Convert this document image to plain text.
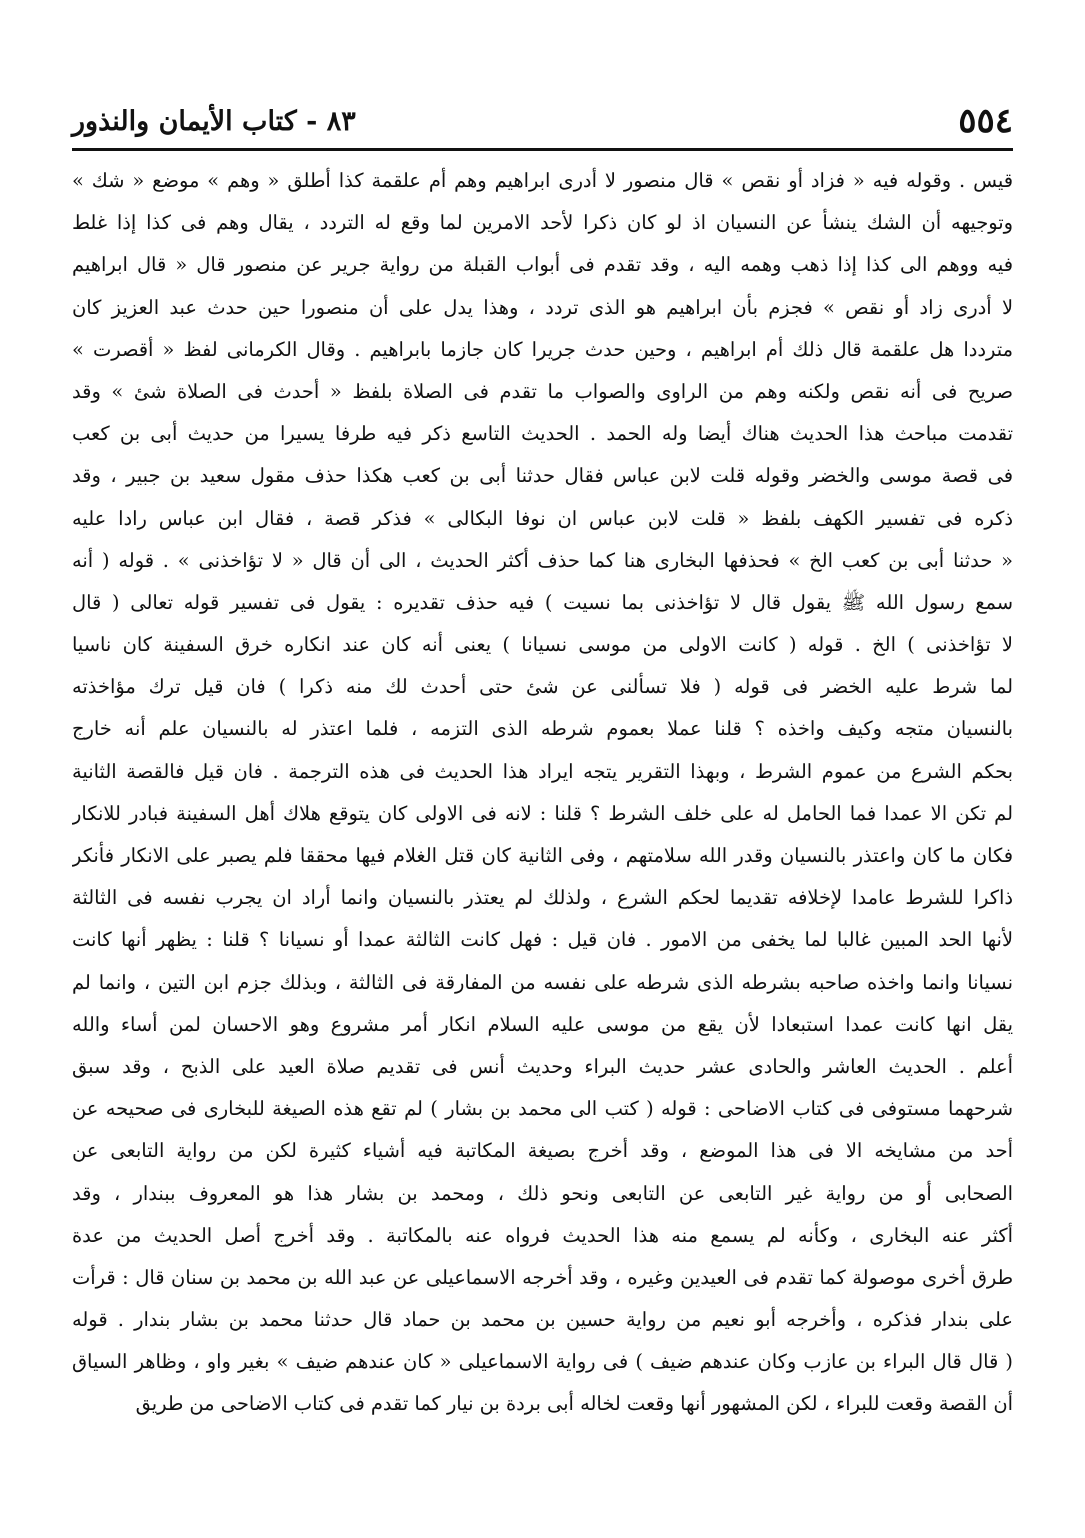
٨٣ - كتاب الأيمان والنذور	٥٥٤
قيس . وقوله فيه « فزاد أو نقص » قال منصور لا أدرى ابراهيم وهم أم علقمة كذا أطلق « وهم » موضع « شك »
وتوجيهه أن الشك ينشأ عن النسيان اذ لو كان ذكرا لأحد الامرين لما وقع له التردد ، يقال وهم فى كذا إذا غلط
فيه ووهم الى كذا إذا ذهب وهمه اليه ، وقد تقدم فى أبواب القبلة من رواية جرير عن منصور قال « قال ابراهيم
لا أدرى زاد أو نقص » فجزم بأن ابراهيم هو الذى تردد ، وهذا يدل على أن منصورا حين حدث عبد العزيز كان
مترددا هل علقمة قال ذلك أم ابراهيم ، وحين حدث جريرا كان جازما بابراهيم . وقال الكرمانى لفظ « أقصرت »
صريح فى أنه نقص ولكنه وهم من الراوى والصواب ما تقدم فى الصلاة بلفظ « أحدث فى الصلاة شئ » وقد
تقدمت مباحث هذا الحديث هناك أيضا وله الحمد . الحديث التاسع ذكر فيه طرفا يسيرا من حديث أبى بن كعب
فى قصة موسى والخضر وقوله قلت لابن عباس فقال حدثنا أبى بن كعب هكذا حذف مقول سعيد بن جبير ، وقد
ذكره فى تفسير الكهف بلفظ « قلت لابن عباس ان نوفا البكالى » فذكر قصة ، فقال ابن عباس رادا عليه
« حدثنا أبى بن كعب الخ » فحذفها البخارى هنا كما حذف أكثر الحديث ، الى أن قال « لا تؤاخذنى » . قوله ( أنه
سمع رسول الله ﷺ يقول قال لا تؤاخذنى بما نسيت ) فيه حذف تقديره : يقول فى تفسير قوله تعالى ( قال
لا تؤاخذنى ) الخ . قوله ( كانت الاولى من موسى نسيانا ) يعنى أنه كان عند انكاره خرق السفينة كان ناسيا
لما شرط عليه الخضر فى قوله ( فلا تسألنى عن شئ حتى أحدث لك منه ذكرا ) فان قيل ترك مؤاخذته
بالنسيان متجه وكيف واخذه ؟ قلنا عملا بعموم شرطه الذى التزمه ، فلما اعتذر له بالنسيان علم أنه خارج
بحكم الشرع من عموم الشرط ، وبهذا التقرير يتجه ايراد هذا الحديث فى هذه الترجمة . فان قيل فالقصة الثانية
لم تكن الا عمدا فما الحامل له على خلف الشرط ؟ قلنا : لانه فى الاولى كان يتوقع هلاك أهل السفينة فبادر للانكار
فكان ما كان واعتذر بالنسيان وقدر الله سلامتهم ، وفى الثانية كان قتل الغلام فيها محققا فلم يصبر على الانكار فأنكر
ذاكرا للشرط عامدا لإخلافه تقديما لحكم الشرع ، ولذلك لم يعتذر بالنسيان وانما أراد ان يجرب نفسه فى الثالثة
لأنها الحد المبين غالبا لما يخفى من الامور . فان قيل : فهل كانت الثالثة عمدا أو نسيانا ؟ قلنا : يظهر أنها كانت
نسيانا وانما واخذه صاحبه بشرطه الذى شرطه على نفسه من المفارقة فى الثالثة ، وبذلك جزم ابن التين ، وانما لم
يقل انها كانت عمدا استبعادا لأن يقع من موسى عليه السلام انكار أمر مشروع وهو الاحسان لمن أساء والله
أعلم . الحديث العاشر والحادى عشر حديث البراء وحديث أنس فى تقديم صلاة العيد على الذبح ، وقد سبق
شرحهما مستوفى فى كتاب الاضاحى : قوله ( كتب الى محمد بن بشار ) لم تقع هذه الصيغة للبخارى فى صحيحه عن
أحد من مشايخه الا فى هذا الموضع ، وقد أخرج بصيغة المكاتبة فيه أشياء كثيرة لكن من رواية التابعى عن
الصحابى أو من رواية غير التابعى عن التابعى ونحو ذلك ، ومحمد بن بشار هذا هو المعروف ببندار ، وقد
أكثر عنه البخارى ، وكأنه لم يسمع منه هذا الحديث فرواه عنه بالمكاتبة . وقد أخرج أصل الحديث من عدة
طرق أخرى موصولة كما تقدم فى العيدين وغيره ، وقد أخرجه الاسماعيلى عن عبد الله بن محمد بن سنان قال : قرأت
على بندار فذكره ، وأخرجه أبو نعيم من رواية حسين بن محمد بن حماد قال حدثنا محمد بن بشار بندار . قوله
( قال قال البراء بن عازب وكان عندهم ضيف ) فى رواية الاسماعيلى « كان عندهم ضيف » بغير واو ، وظاهر السياق
أن القصة وقعت للبراء ، لكن المشهور أنها وقعت لخاله أبى بردة بن نيار كما تقدم فى كتاب الاضاحى من طريق
